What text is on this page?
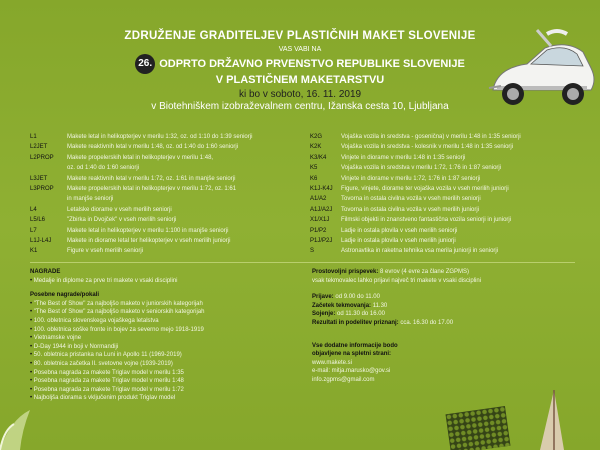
ZDRUŽENJE GRADITELJEV PLASTIČNIH MAKET SLOVENIJE
VAS VABI NA
26. ODPRTO DRŽAVNO PRVENSTVO REPUBLIKE SLOVENIJE
V PLASTIČNEM MAKETARSTVU
ki bo v soboto, 16. 11. 2019
v Biotehniškem izobraževalnem centru, Ižanska cesta 10, Ljubljana
L1	Makete letal in helikopterjev v merilu 1:32, oz. od 1:10 do 1:39 seniorji
L2JET	Makete reaktivnih letal v merilu 1:48, oz. od 1:40 do 1:60 seniorji
L2PROP	Makete propelerskih letal in helikopterjev v merilu 1:48,
oz. od 1:40 do 1:60 seniorji
L3JET	Makete reaktivnih letal v merilu 1:72, oz. 1:61 in manjše seniorji
L3PROP	Makete propelerskih letal in helikopterjev v merilu 1:72, oz. 1:61
in manjše seniorji
L4	Letalske diorame v vseh merilih seniorji
L5/L6	"Zbirka in Dvojček" v vseh merilih seniorji
L7	Makete letal in helikopterjev v merilu 1:100 in manjše seniorji
L1J-L4J	Makete in diorame letal ter helikopterjev v vseh merilih juniorji
K1	Figure v vseh merilih seniorji
K2G	Vojaška vozila in sredstva - gosenična) v merilu 1:48 in 1:35 seniorji
K2K	Vojaška vozila in sredstva - kolesnik v merilu 1:48 in 1:35 seniorji
K3/K4	Vinjete in diorame v merilu 1:48 in 1:35 seniorji
K5	Vojaška vozila in sredstva v merilu 1:72, 1:76 in 1:87 seniorji
K6	Vinjete in diorame v merilu 1:72, 1:76 in 1:87 seniorji
K1J-K4J	Figure, vinjete, diorame ter vojaška vozila v vseh merilih juniorji
A1/A2	Tovorna in ostala civilna vozila v vseh merilih seniorji
A1J/A2J	Tovorna in ostala civilna vozila v vseh merilih juniorji
X1/X1J	Filmski objekti in znanstveno fantastična vozila seniorji in juniorji
P1/P2	Ladje in ostala plovila v vseh merilih seniorji
P1J/P2J	Ladje in ostala plovila v vseh merilih juniorji
S	Astronavtika in raketna tehnika vsa merila juniorji in seniorji
NAGRADE
• Medalje in diplome za prve tri makete v vsaki disciplini
Posebne nagrade/pokali
• "The Best of Show" za najboljšo maketo v juniorskih kategorijah
• "The Best of Show" za najboljšo maketo v seniorskih kategorijah
• 100. obletnica slovenskega vojaškega letalstva
• 100. obletnica soške fronte in bojev za severno mejo 1918-1919
• Vietnamske vojne
• D-Day 1944 in boji v Normandiji
• 50. obletnica pristanka na Luni in Apollo 11 (1969-2019)
• 80. obletnica začetka II. svetovne vojne (1939-2019)
• Posebna nagrada za makete Triglav model v merilu 1:35
• Posebna nagrada za makete Triglav model v merilu 1:48
• Posebna nagrada za makete Triglav model v merilu 1:72
• Najboljša diorama s vključenim produkt Triglav model
Prostovoljni prispevek: 8 evrov (4 evre za člane ZGPMS)
vsak tekmovalec lahko prijavi največ tri makete v vsaki disciplini
Prijave: od 9.00 do 11.00
Začetek tekmovanja: 11.30
Sojenje: od 11.30 do 16.00
Rezultati in podelitev priznanj: cca. 16.30 do 17.00
Vse dodatne informacije bodo
objavljene na spletni strani:
www.makete.si
e-mail: mitja.marusko@gov.si
info.zgpms@gmail.com
